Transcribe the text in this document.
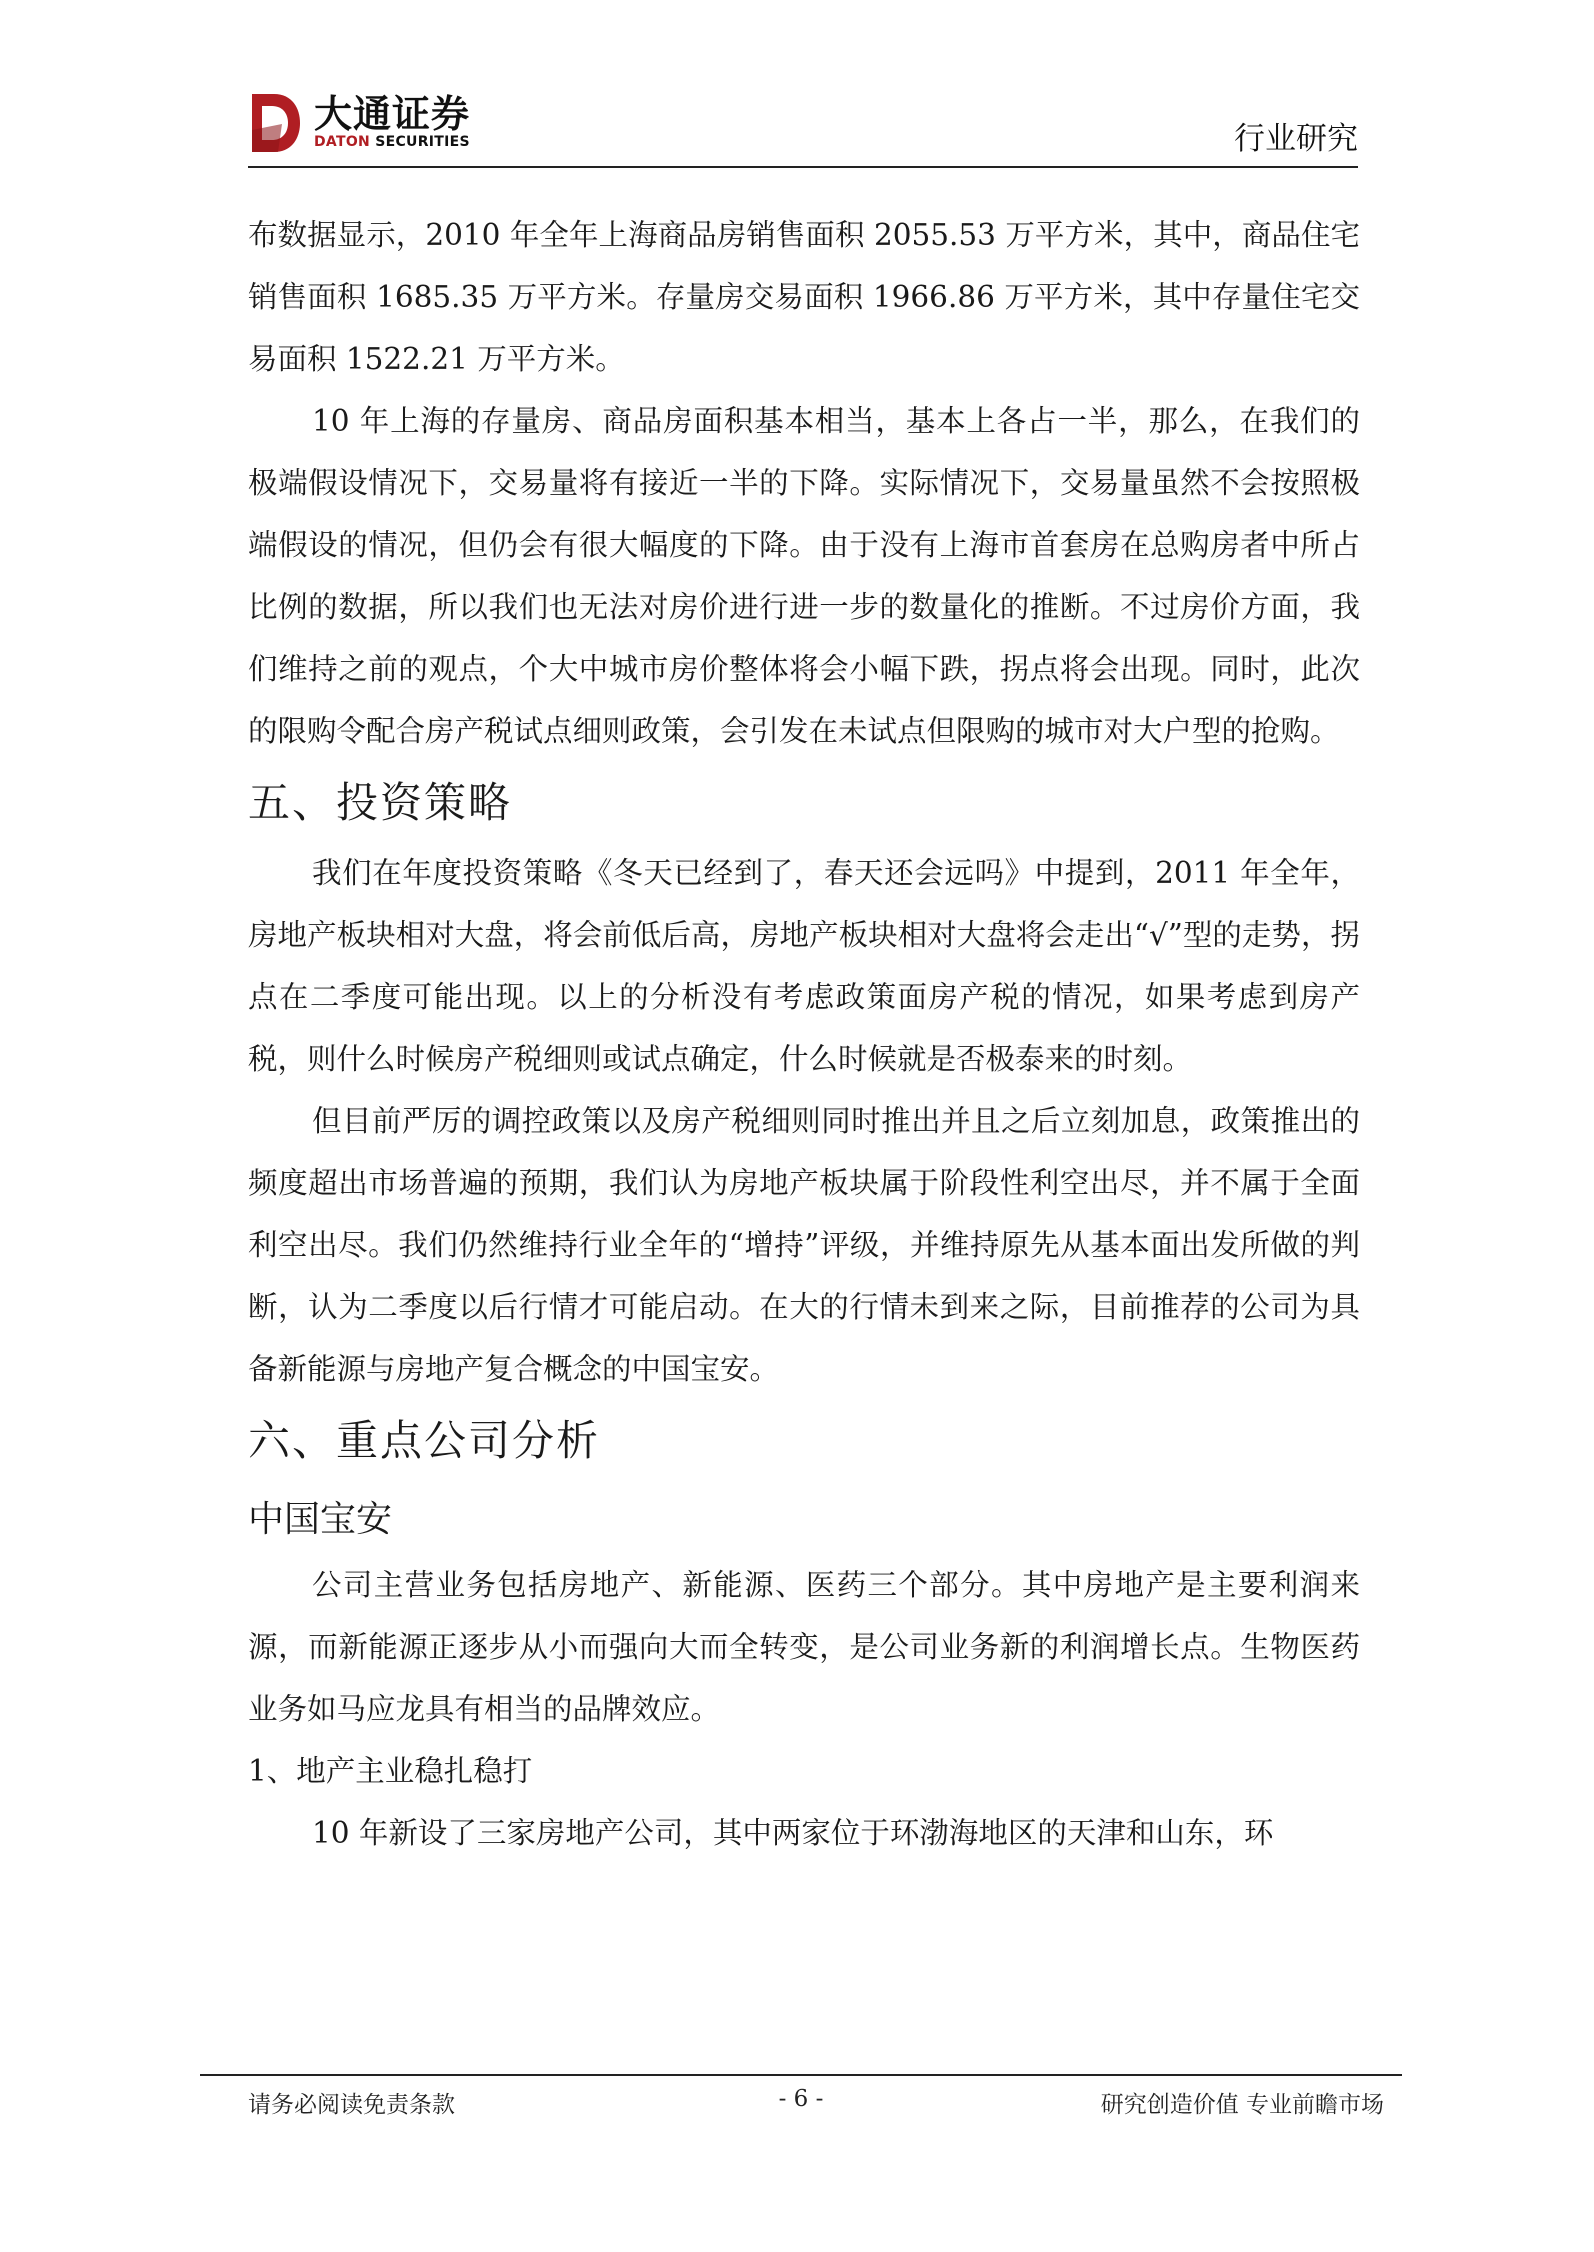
大通证券
DATON SECURITIES	行业研究

布数据显示，2010 年全年上海商品房销售面积 2055.53 万平方米，其中，商品住宅销售面积 1685.35 万平方米。存量房交易面积 1966.86 万平方米，其中存量住宅交易面积 1522.21 万平方米。

10 年上海的存量房、商品房面积基本相当，基本上各占一半，那么，在我们的极端假设情况下，交易量将有接近一半的下降。实际情况下，交易量虽然不会按照极端假设的情况，但仍会有很大幅度的下降。由于没有上海市首套房在总购房者中所占比例的数据，所以我们也无法对房价进行进一步的数量化的推断。不过房价方面，我们维持之前的观点，个大中城市房价整体将会小幅下跌，拐点将会出现。同时，此次的限购令配合房产税试点细则政策，会引发在未试点但限购的城市对大户型的抢购。

五、投资策略

我们在年度投资策略《冬天已经到了，春天还会远吗》中提到，2011 年全年，房地产板块相对大盘，将会前低后高，房地产板块相对大盘将会走出“√”型的走势，拐点在二季度可能出现。以上的分析没有考虑政策面房产税的情况，如果考虑到房产税，则什么时候房产税细则或试点确定，什么时候就是否极泰来的时刻。

但目前严厉的调控政策以及房产税细则同时推出并且之后立刻加息，政策推出的频度超出市场普遍的预期，我们认为房地产板块属于阶段性利空出尽，并不属于全面利空出尽。我们仍然维持行业全年的“增持”评级，并维持原先从基本面出发所做的判断，认为二季度以后行情才可能启动。在大的行情未到来之际，目前推荐的公司为具备新能源与房地产复合概念的中国宝安。

六、重点公司分析
中国宝安

公司主营业务包括房地产、新能源、医药三个部分。其中房地产是主要利润来源，而新能源正逐步从小而强向大而全转变，是公司业务新的利润增长点。生物医药业务如马应龙具有相当的品牌效应。

1、地产主业稳扎稳打

10 年新设了三家房地产公司，其中两家位于环渤海地区的天津和山东，环

请务必阅读免责条款	- 6 -	研究创造价值 专业前瞻市场
